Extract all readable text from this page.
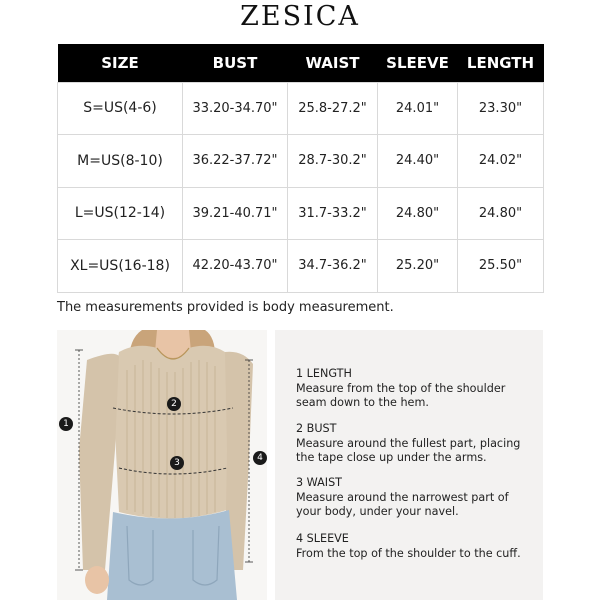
ZESICA
SIZE	BUST	WAIST	SLEEVE	LENGTH
S=US(4-6)	33.20-34.70"	25.8-27.2"	24.01"	23.30"
M=US(8-10)	36.22-37.72"	28.7-30.2"	24.40"	24.02"
L=US(12-14)	39.21-40.71"	31.7-33.2"	24.80"	24.80"
XL=US(16-18)	42.20-43.70"	34.7-36.2"	25.20"	25.50"
The measurements provided is body measurement.
1
2
3	4
1 LENGTH
Measure from the top of the shoulder
seam down to the hem.
2 BUST
Measure around the fullest part, placing
the tape close up under the arms.
3 WAIST
Measure around the narrowest part of
your body, under your navel.
4 SLEEVE
From the top of the shoulder to the cuff.
